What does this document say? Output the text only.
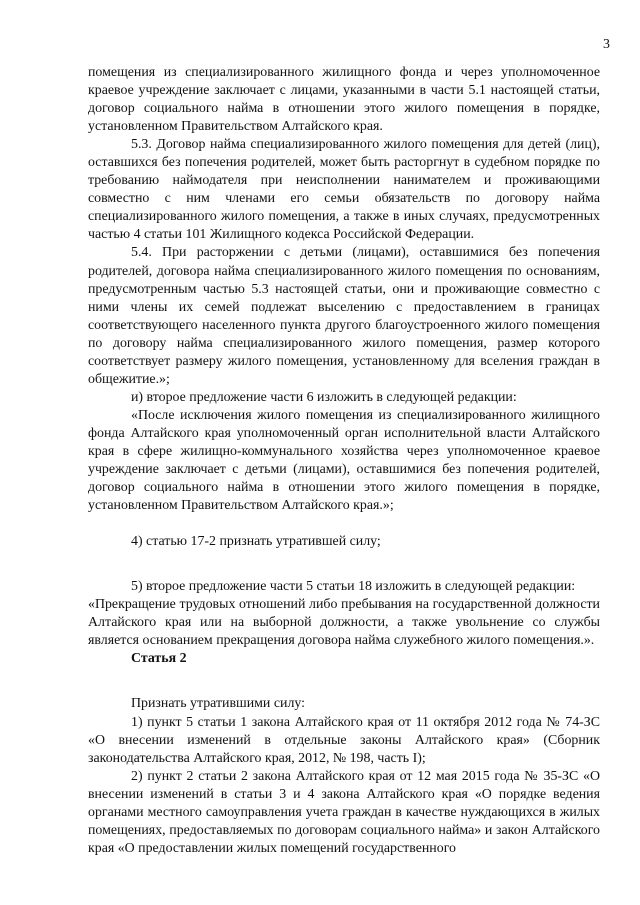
3

помещения из специализированного жилищного фонда и через уполномоченное краевое учреждение заключает с лицами, указанными в части 5.1 настоящей статьи, договор социального найма в отношении этого жилого помещения в порядке, установленном Правительством Алтайского края.

5.3. Договор найма специализированного жилого помещения для детей (лиц), оставшихся без попечения родителей, может быть расторгнут в судебном порядке по требованию наймодателя при неисполнении нанимателем и проживающими совместно с ним членами его семьи обязательств по договору найма специализированного жилого помещения, а также в иных случаях, предусмотренных частью 4 статьи 101 Жилищного кодекса Российской Федерации.

5.4. При расторжении с детьми (лицами), оставшимися без попечения родителей, договора найма специализированного жилого помещения по основаниям, предусмотренным частью 5.3 настоящей статьи, они и проживающие совместно с ними члены их семей подлежат выселению с предоставлением в границах соответствующего населенного пункта другого благоустроенного жилого помещения по договору найма специализированного жилого помещения, размер которого соответствует размеру жилого помещения, установленному для вселения граждан в общежитие.»;

и) второе предложение части 6 изложить в следующей редакции:

«После исключения жилого помещения из специализированного жилищного фонда Алтайского края уполномоченный орган исполнительной власти Алтайского края в сфере жилищно-коммунального хозяйства через уполномоченное краевое учреждение заключает с детьми (лицами), оставшимися без попечения родителей, договор социального найма в отношении этого жилого помещения в порядке, установленном Правительством Алтайского края.»;

4) статью 17-2 признать утратившей силу;

5) второе предложение части 5 статьи 18 изложить в следующей редакции:

«Прекращение трудовых отношений либо пребывания на государственной должности Алтайского края или на выборной должности, а также увольнение со службы является основанием прекращения договора найма служебного жилого помещения.».

Статья 2

Признать утратившими силу:

1) пункт 5 статьи 1 закона Алтайского края от 11 октября 2012 года № 74-ЗС «О внесении изменений в отдельные законы Алтайского края» (Сборник законодательства Алтайского края, 2012, № 198, часть I);

2) пункт 2 статьи 2 закона Алтайского края от 12 мая 2015 года № 35-ЗС «О внесении изменений в статьи 3 и 4 закона Алтайского края «О порядке ведения органами местного самоуправления учета граждан в качестве нуждающихся в жилых помещениях, предоставляемых по договорам социального найма» и закон Алтайского края «О предоставлении жилых помещений государственного
